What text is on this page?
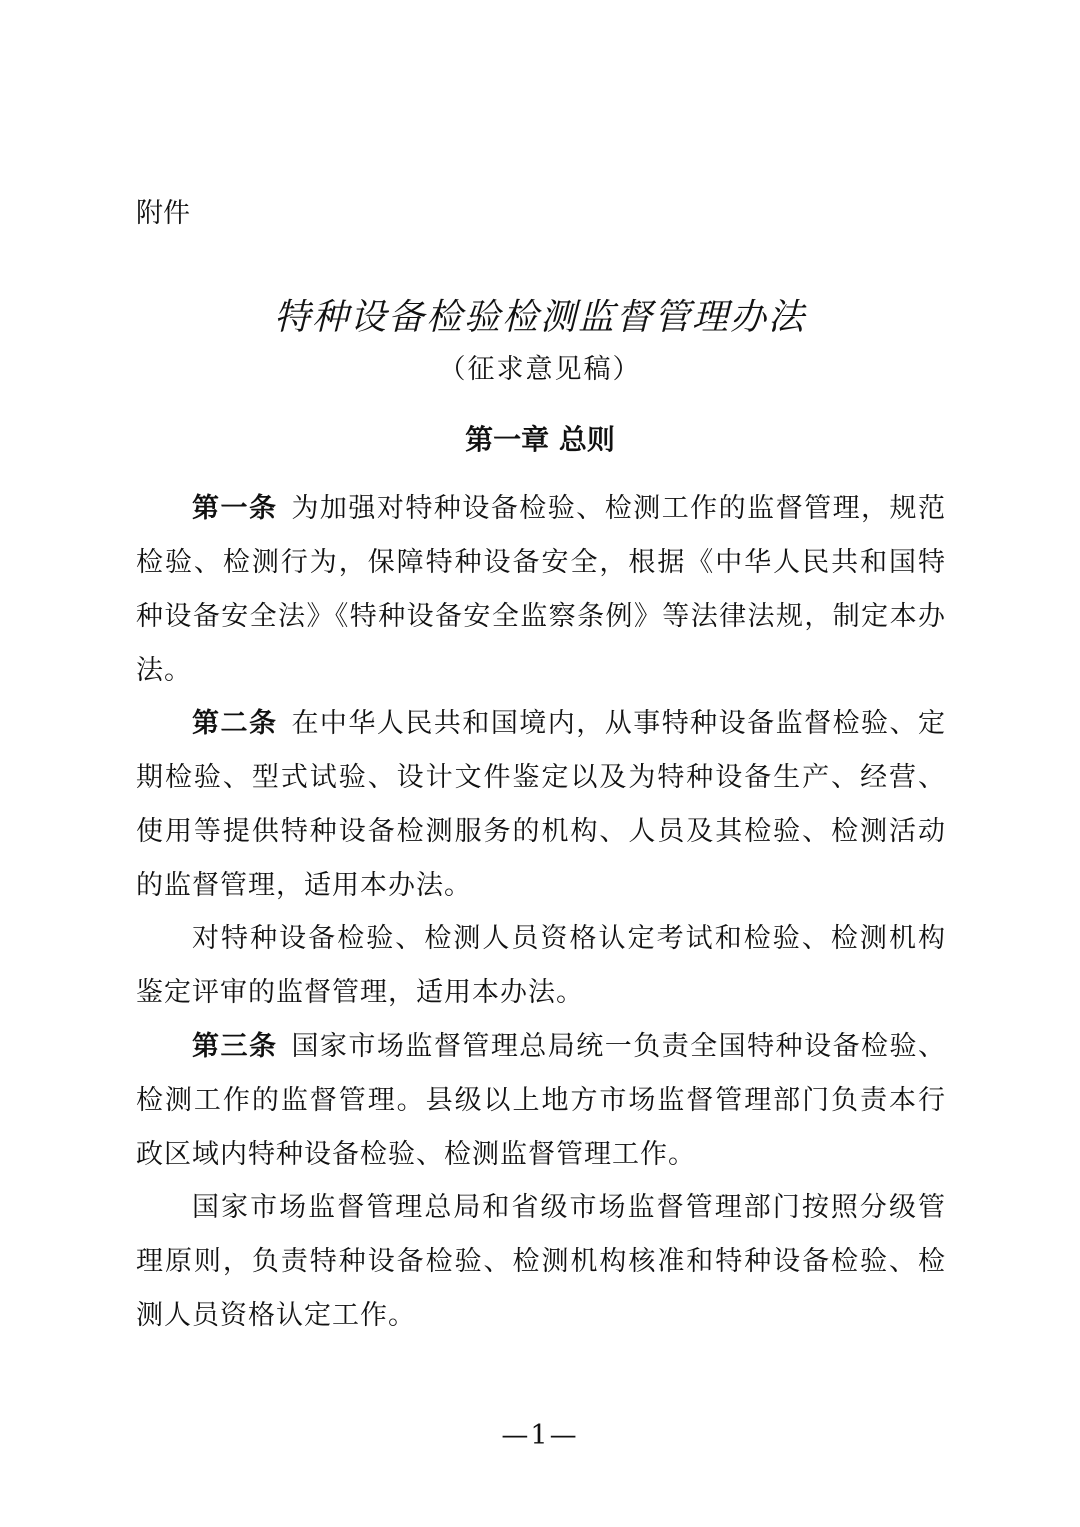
附件
特种设备检验检测监督管理办法
（征求意见稿）
第一章 总则
第一条 为加强对特种设备检验、检测工作的监督管理，规范检验、检测行为，保障特种设备安全，根据《中华人民共和国特种设备安全法》《特种设备安全监察条例》等法律法规，制定本办法。
第二条 在中华人民共和国境内，从事特种设备监督检验、定期检验、型式试验、设计文件鉴定以及为特种设备生产、经营、使用等提供特种设备检测服务的机构、人员及其检验、检测活动的监督管理，适用本办法。
对特种设备检验、检测人员资格认定考试和检验、检测机构鉴定评审的监督管理，适用本办法。
第三条 国家市场监督管理总局统一负责全国特种设备检验、检测工作的监督管理。县级以上地方市场监督管理部门负责本行政区域内特种设备检验、检测监督管理工作。
国家市场监督管理总局和省级市场监督管理部门按照分级管理原则，负责特种设备检验、检测机构核准和特种设备检验、检测人员资格认定工作。
—1—
